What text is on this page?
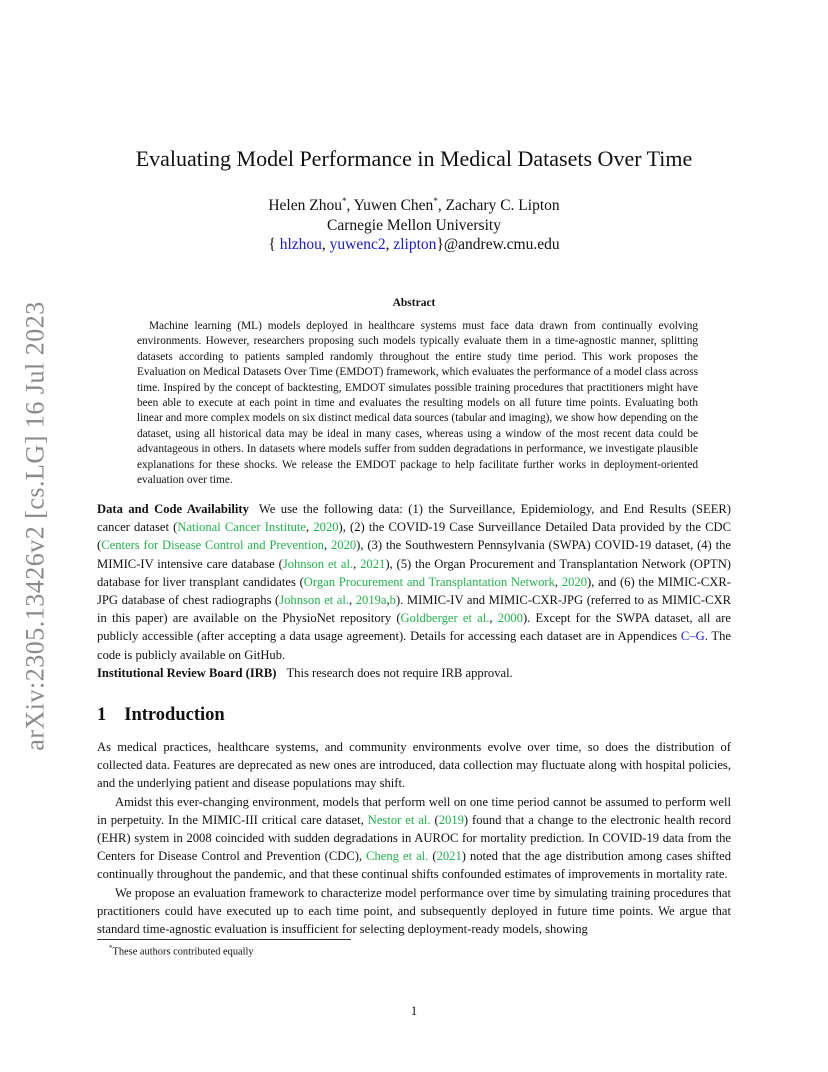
arXiv:2305.13426v2 [cs.LG] 16 Jul 2023
Evaluating Model Performance in Medical Datasets Over Time
Helen Zhou*, Yuwen Chen*, Zachary C. Lipton
Carnegie Mellon University
{ hlzhou, yuwenc2, zlipton}@andrew.cmu.edu
Abstract
Machine learning (ML) models deployed in healthcare systems must face data drawn from continually evolving environments. However, researchers proposing such models typically evaluate them in a time-agnostic manner, splitting datasets according to patients sampled randomly throughout the entire study time period. This work proposes the Evaluation on Medical Datasets Over Time (EMDOT) framework, which evaluates the performance of a model class across time. Inspired by the concept of backtesting, EMDOT simulates possible training procedures that practitioners might have been able to execute at each point in time and evaluates the resulting models on all future time points. Evaluating both linear and more complex models on six distinct medical data sources (tabular and imaging), we show how depending on the dataset, using all historical data may be ideal in many cases, whereas using a window of the most recent data could be advantageous in others. In datasets where models suffer from sudden degradations in performance, we investigate plausible explanations for these shocks. We release the EMDOT package to help facilitate further works in deployment-oriented evaluation over time.

Data and Code Availability We use the following data: (1) the Surveillance, Epidemiology, and End Results (SEER) cancer dataset (National Cancer Institute, 2020), (2) the COVID-19 Case Surveillance Detailed Data provided by the CDC (Centers for Disease Control and Prevention, 2020), (3) the Southwestern Pennsylvania (SWPA) COVID-19 dataset, (4) the MIMIC-IV intensive care database (Johnson et al., 2021), (5) the Organ Procurement and Transplantation Network (OPTN) database for liver transplant candidates (Organ Procurement and Transplantation Network, 2020), and (6) the MIMIC-CXR-JPG database of chest radiographs (Johnson et al., 2019a,b). MIMIC-IV and MIMIC-CXR-JPG (referred to as MIMIC-CXR in this paper) are available on the PhysioNet repository (Goldberger et al., 2000). Except for the SWPA dataset, all are publicly accessible (after accepting a data usage agreement). Details for accessing each dataset are in Appendices C–G. The code is publicly available on GitHub.

Institutional Review Board (IRB) This research does not require IRB approval.

1 Introduction

As medical practices, healthcare systems, and community environments evolve over time, so does the distribution of collected data. Features are deprecated as new ones are introduced, data collection may fluctuate along with hospital policies, and the underlying patient and disease populations may shift.

Amidst this ever-changing environment, models that perform well on one time period cannot be assumed to perform well in perpetuity. In the MIMIC-III critical care dataset, Nestor et al. (2019) found that a change to the electronic health record (EHR) system in 2008 coincided with sudden degradations in AUROC for mortality prediction. In COVID-19 data from the Centers for Disease Control and Prevention (CDC), Cheng et al. (2021) noted that the age distribution among cases shifted continually throughout the pandemic, and that these continual shifts confounded estimates of improvements in mortality rate.

We propose an evaluation framework to characterize model performance over time by simulating training procedures that practitioners could have executed up to each time point, and subsequently deployed in future time points. We argue that standard time-agnostic evaluation is insufficient for selecting deployment-ready models, showing

*These authors contributed equally
1
